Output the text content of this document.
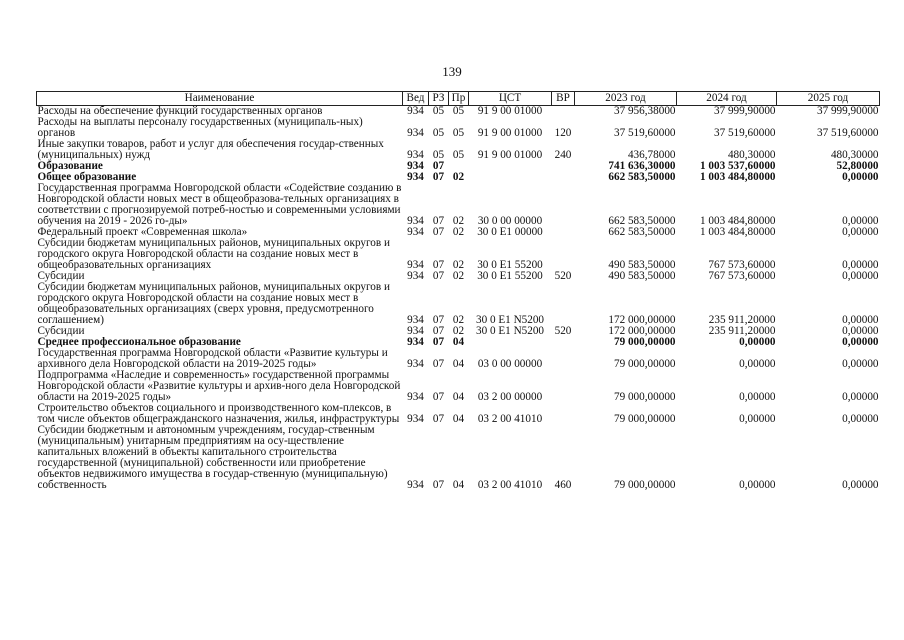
139
Наименование	Вед	РЗ	Пр	ЦСТ	ВР	2023 год	2024 год	2025 год
Расходы на обеспечение функций государственных органов	934	05	05	91 9 00 01000		37 956,38000	37 999,90000	37 999,90000
Расходы на выплаты персоналу государственных (муниципаль-ных) органов	934	05	05	91 9 00 01000	120	37 519,60000	37 519,60000	37 519,60000
Иные закупки товаров, работ и услуг для обеспечения государ-ственных (муниципальных) нужд	934	05	05	91 9 00 01000	240	436,78000	480,30000	480,30000
Образование	934	07				741 636,30000	1 003 537,60000	52,80000
Общее образование	934	07	02			662 583,50000	1 003 484,80000	0,00000
Государственная программа Новгородской области «Содействие созданию в Новгородской области новых мест в общеобразова-тельных организациях в соответствии с прогнозируемой потреб-ностью и современными условиями обучения на 2019 - 2026 го-ды»	934	07	02	30 0 00 00000		662 583,50000	1 003 484,80000	0,00000
Федеральный проект «Современная школа»	934	07	02	30 0 E1 00000		662 583,50000	1 003 484,80000	0,00000
Субсидии бюджетам муниципальных районов, муниципальных округов и городского округа Новгородской области на создание новых мест в общеобразовательных организациях	934	07	02	30 0 E1 55200		490 583,50000	767 573,60000	0,00000
Субсидии	934	07	02	30 0 E1 55200	520	490 583,50000	767 573,60000	0,00000
Субсидии бюджетам муниципальных районов, муниципальных округов и городского округа Новгородской области на создание новых мест в общеобразовательных организациях (сверх уровня, предусмотренного соглашением)	934	07	02	30 0 E1 N5200		172 000,00000	235 911,20000	0,00000
Субсидии	934	07	02	30 0 E1 N5200	520	172 000,00000	235 911,20000	0,00000
Среднее профессиональное образование	934	07	04			79 000,00000	0,00000	0,00000
Государственная программа Новгородской области «Развитие культуры и архивного дела Новгородской области на 2019-2025 годы»	934	07	04	03 0 00 00000		79 000,00000	0,00000	0,00000
Подпрограмма «Наследие и современность» государственной программы Новгородской области «Развитие культуры и архив-ного дела Новгородской области на 2019-2025 годы»	934	07	04	03 2 00 00000		79 000,00000	0,00000	0,00000
Строительство объектов социального и производственного ком-плексов, в том числе объектов общегражданского назначения, жилья, инфраструктуры	934	07	04	03 2 00 41010		79 000,00000	0,00000	0,00000
Субсидии бюджетным и автономным учреждениям, государ-ственным (муниципальным) унитарным предприятиям на осу-ществление капитальных вложений в объекты капитального строительства государственной (муниципальной) собственности или приобретение объектов недвижимого имущества в государ-ственную (муниципальную) собственность	934	07	04	03 2 00 41010	460	79 000,00000	0,00000	0,00000
